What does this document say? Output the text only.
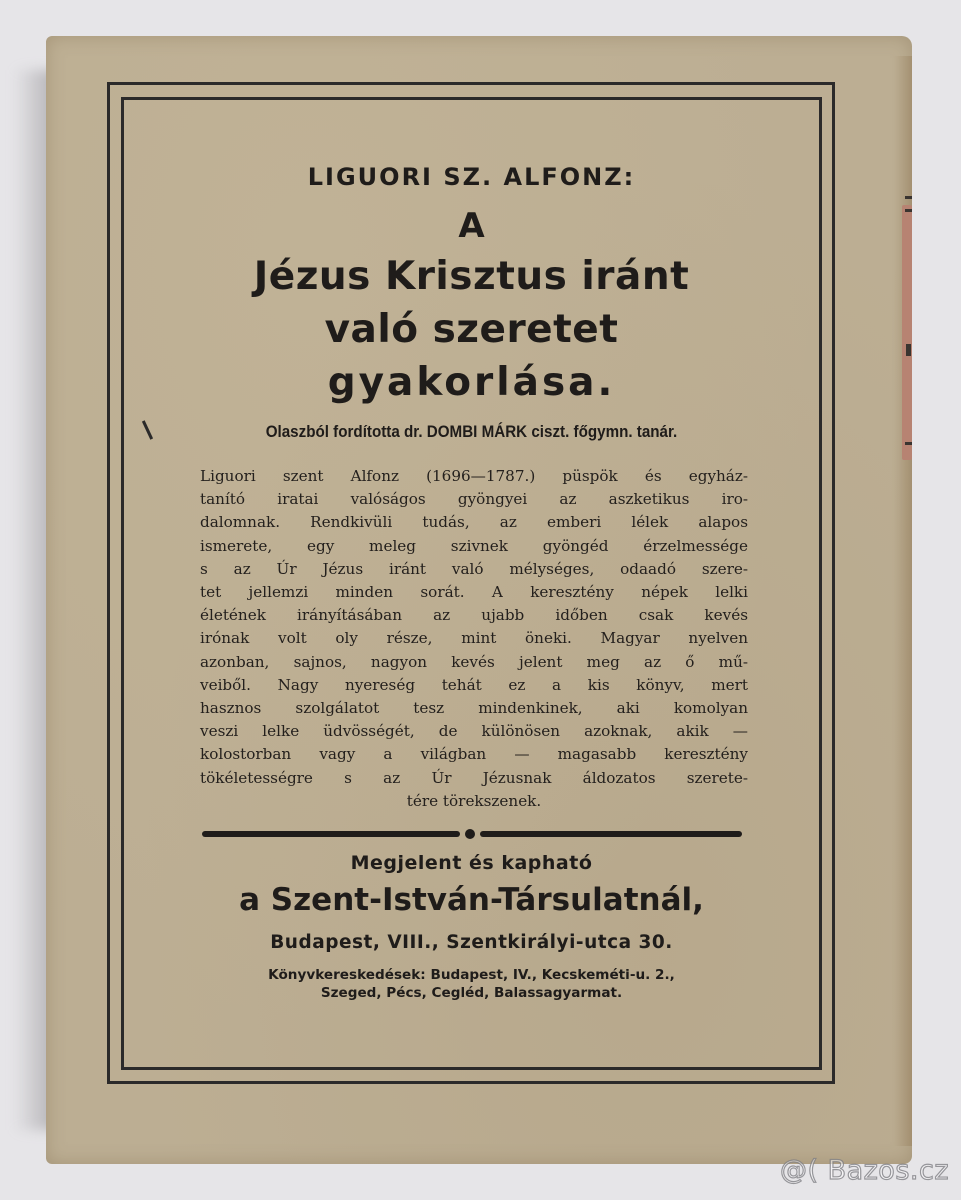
LIGUORI SZ. ALFONZ:
A
Jézus Krisztus iránt
való szeretet
gyakorlása.
Olaszból fordította dr. DOMBI MÁRK ciszt. főgymn. tanár.
Liguori szent Alfonz (1696—1787.) püspök és egyház-
tanító iratai valóságos gyöngyei az aszketikus iro-
dalomnak. Rendkivüli tudás, az emberi lélek alapos
ismerete, egy meleg szivnek gyöngéd érzelmessége
s az Úr Jézus iránt való mélységes, odaadó szere-
tet jellemzi minden sorát. A keresztény népek lelki
életének irányításában az ujabb időben csak kevés
irónak volt oly része, mint öneki. Magyar nyelven
azonban, sajnos, nagyon kevés jelent meg az ő mű-
veiből. Nagy nyereség tehát ez a kis könyv, mert
hasznos szolgálatot tesz mindenkinek, aki komolyan
veszi lelke üdvösségét, de különösen azoknak, akik —
kolostorban vagy a világban — magasabb keresztény
tökéletességre s az Úr Jézusnak áldozatos szerete-
tére törekszenek.
Megjelent és kapható
a Szent-István-Társulatnál,
Budapest, VIII., Szentkirályi-utca 30.
Könyvkereskedések: Budapest, IV., Kecskeméti-u. 2.,
Szeged, Pécs, Cegléd, Balassagyarmat.
@( Bazos.cz
